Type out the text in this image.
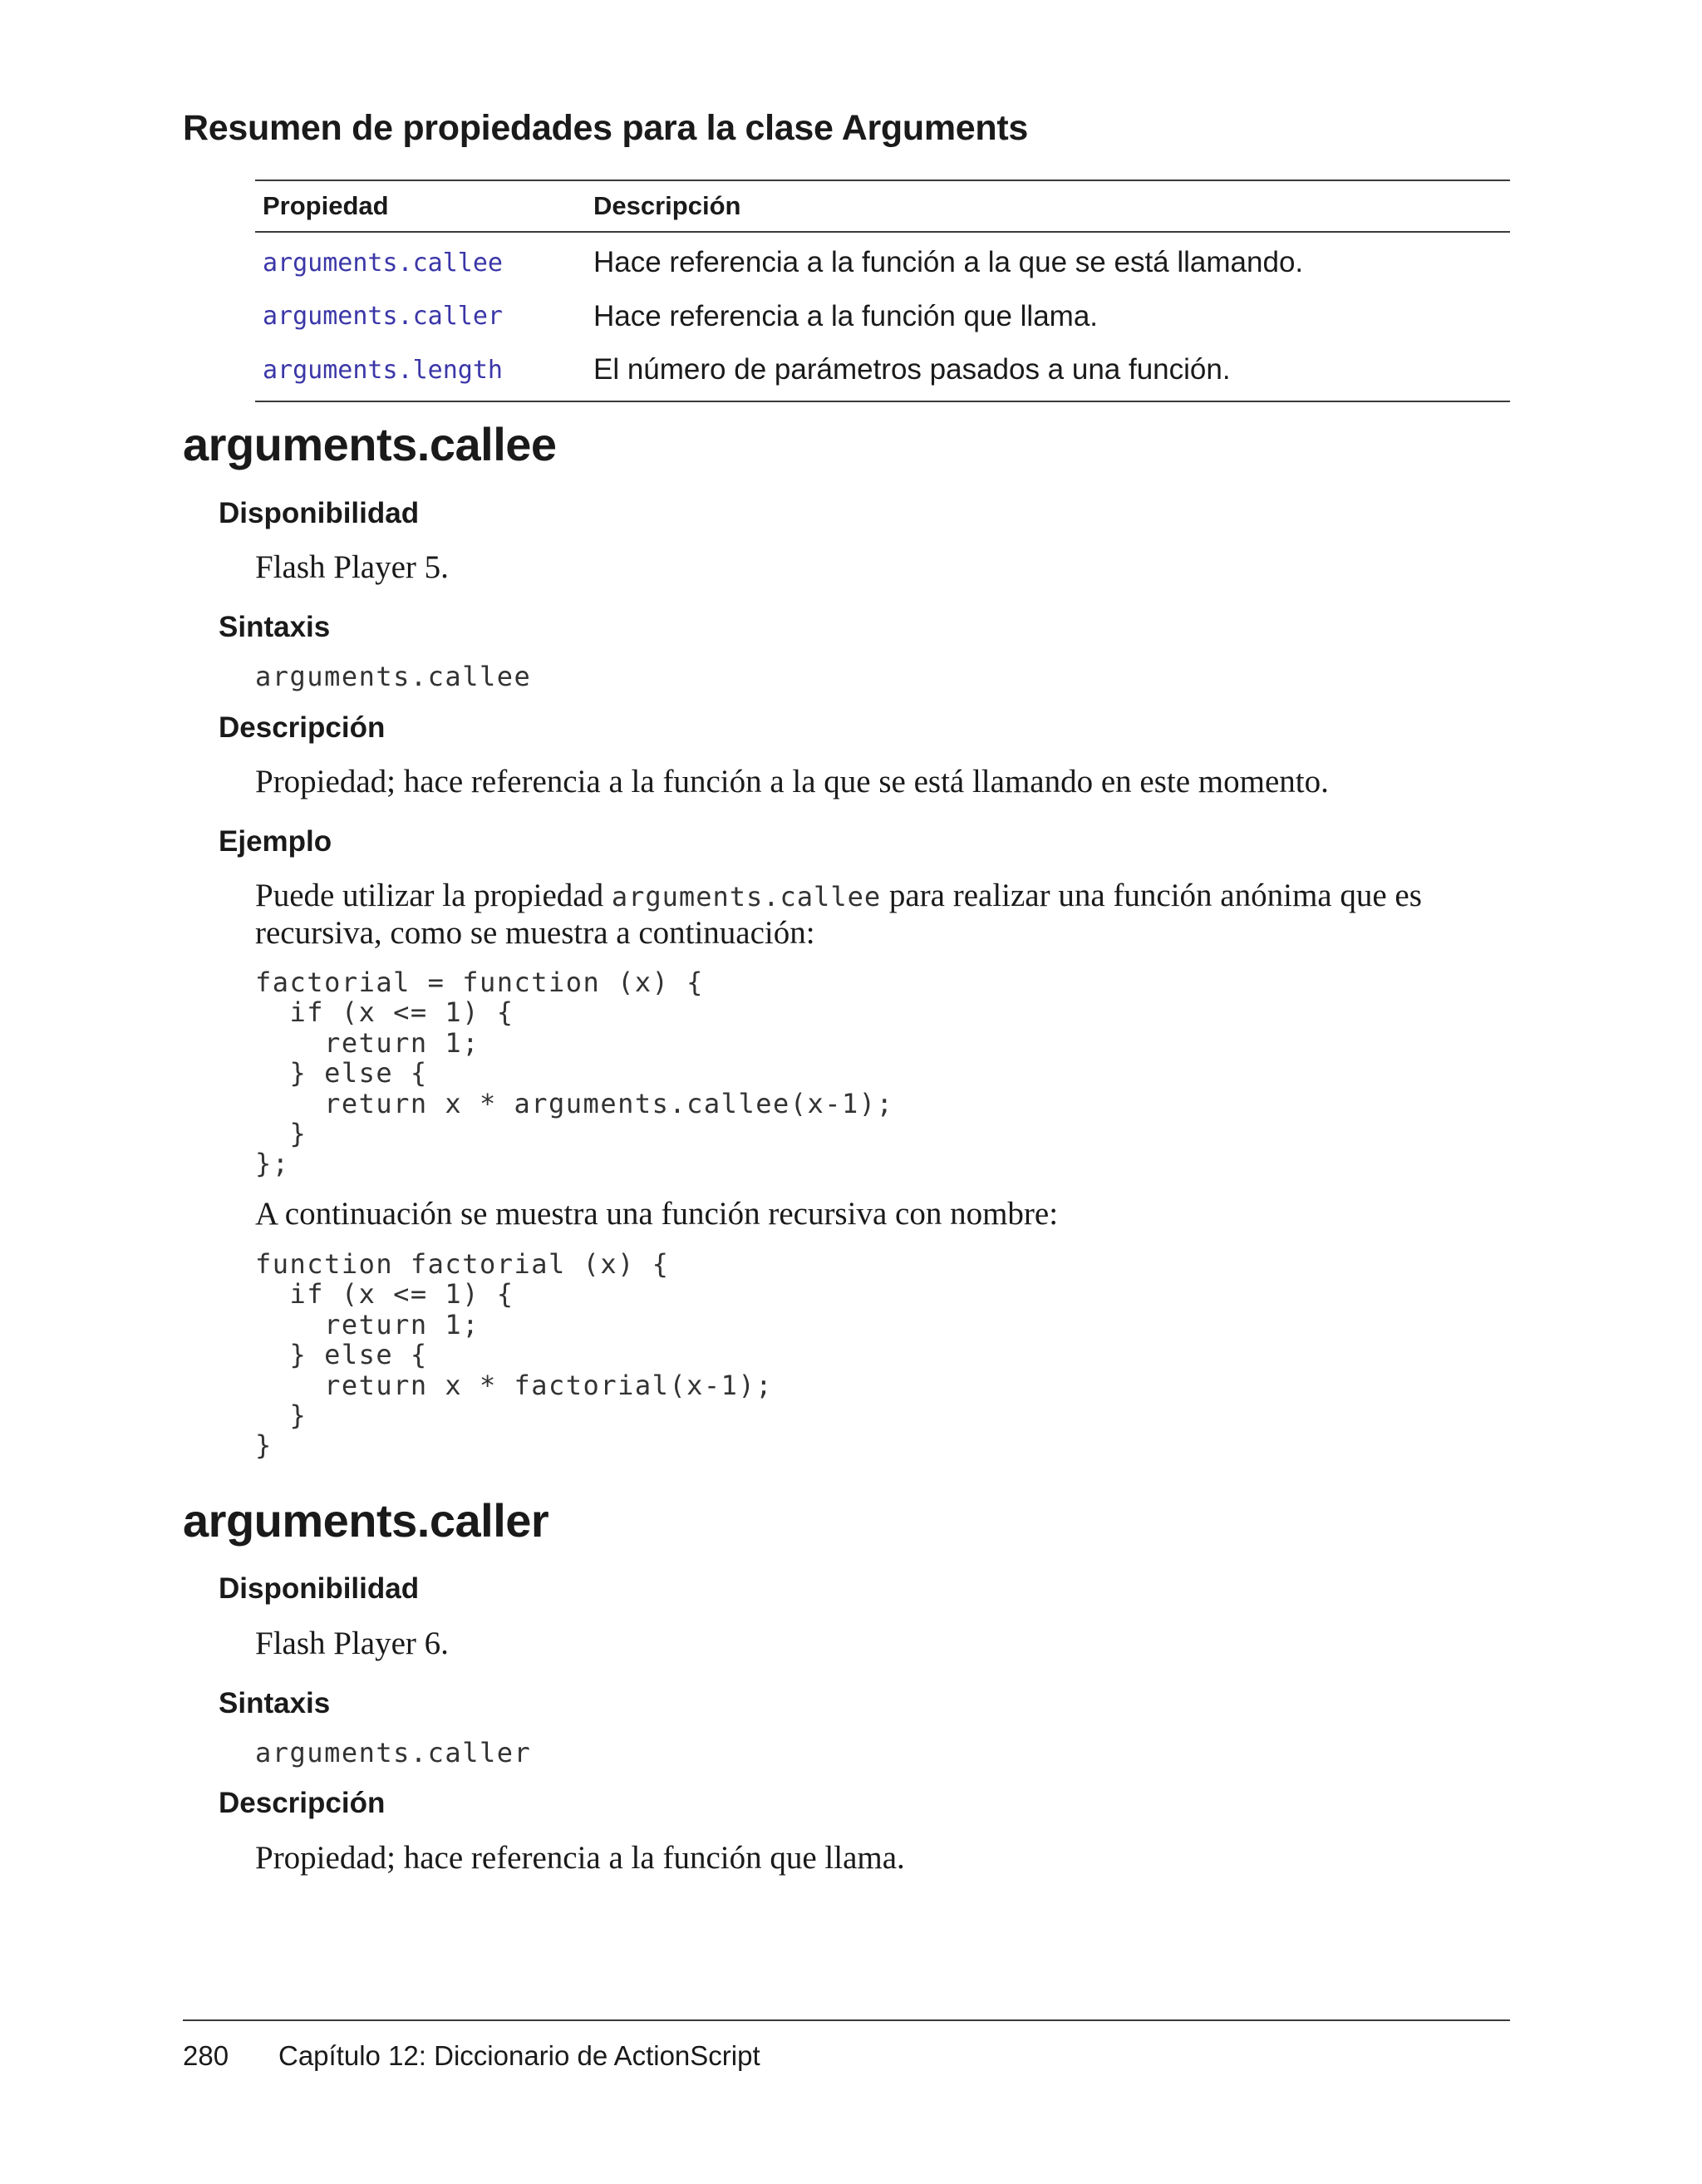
Resumen de propiedades para la clase Arguments
Propiedad	Descripción
arguments.callee	Hace referencia a la función a la que se está llamando.
arguments.caller	Hace referencia a la función que llama.
arguments.length	El número de parámetros pasados a una función.
arguments.callee
Disponibilidad

Flash Player 5.

Sintaxis

arguments.callee

Descripción

Propiedad; hace referencia a la función a la que se está llamando en este momento.

Ejemplo

Puede utilizar la propiedad arguments.callee para realizar una función anónima que es

recursiva, como se muestra a continuación:

factorial = function (x) {
if (x <= 1) {
return 1;
} else {
return x * arguments.callee(x-1);
}
};

A continuación se muestra una función recursiva con nombre:

function factorial (x) {
if (x <= 1) {
return 1;
} else {
return x * factorial(x-1);
}
}
arguments.caller
Disponibilidad

Flash Player 6.

Sintaxis

arguments.caller

Descripción

Propiedad; hace referencia a la función que llama.

280	Capítulo 12: Diccionario de ActionScript
